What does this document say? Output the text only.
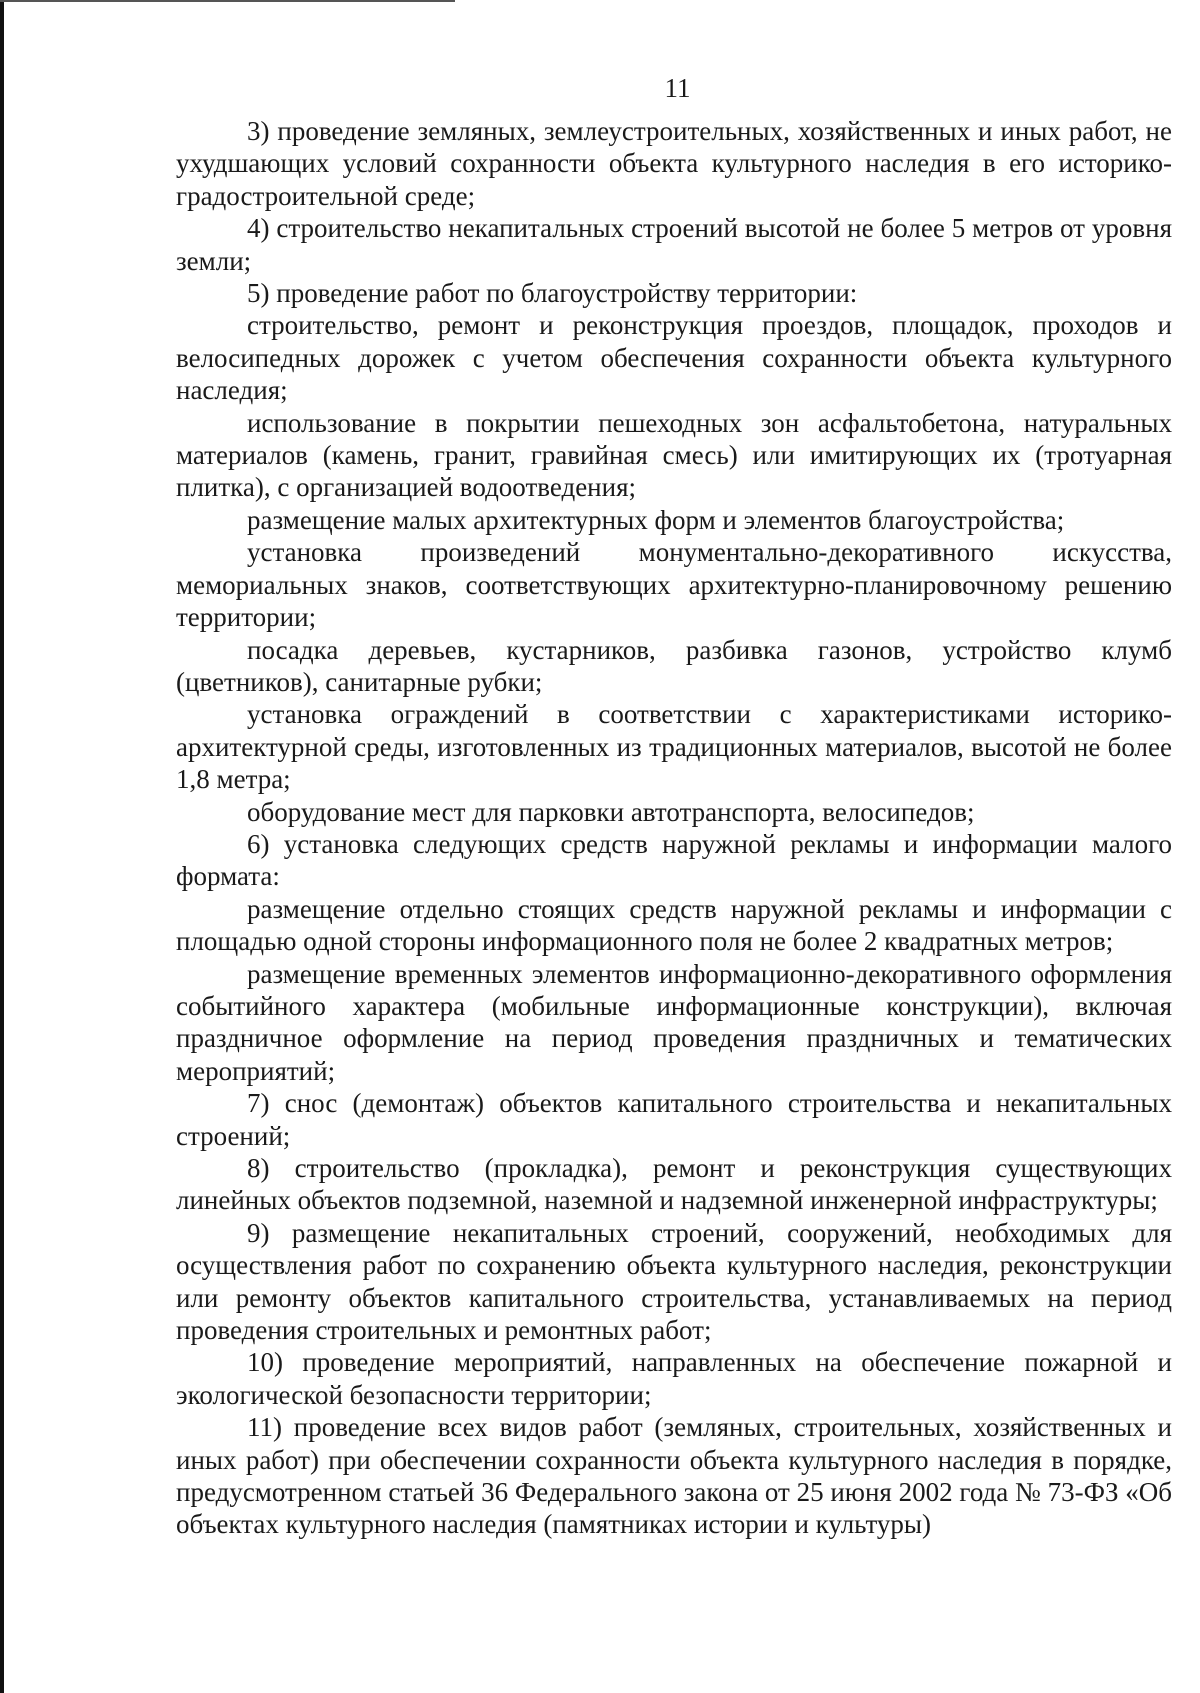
11

3) проведение земляных, землеустроительных, хозяйственных и иных работ, не ухудшающих условий сохранности объекта культурного наследия в его историко-градостроительной среде;

4) строительство некапитальных строений высотой не более 5 метров от уровня земли;

5) проведение работ по благоустройству территории:

строительство, ремонт и реконструкция проездов, площадок, проходов и велосипедных дорожек с учетом обеспечения сохранности объекта культурного наследия;

использование в покрытии пешеходных зон асфальтобетона, натуральных материалов (камень, гранит, гравийная смесь) или имитирующих их (тротуарная плитка), с организацией водоотведения;

размещение малых архитектурных форм и элементов благоустройства;

установка произведений монументально-декоративного искусства, мемориальных знаков, соответствующих архитектурно-планировочному решению территории;

посадка деревьев, кустарников, разбивка газонов, устройство клумб (цветников), санитарные рубки;

установка ограждений в соответствии с характеристиками историко-архитектурной среды, изготовленных из традиционных материалов, высотой не более 1,8 метра;

оборудование мест для парковки автотранспорта, велосипедов;

6) установка следующих средств наружной рекламы и информации малого формата:

размещение отдельно стоящих средств наружной рекламы и информации с площадью одной стороны информационного поля не более 2 квадратных метров;

размещение временных элементов информационно-декоративного оформления событийного характера (мобильные информационные конструкции), включая праздничное оформление на период проведения праздничных и тематических мероприятий;

7) снос (демонтаж) объектов капитального строительства и некапитальных строений;

8) строительство (прокладка), ремонт и реконструкция существующих линейных объектов подземной, наземной и надземной инженерной инфраструктуры;

9) размещение некапитальных строений, сооружений, необходимых для осуществления работ по сохранению объекта культурного наследия, реконструкции или ремонту объектов капитального строительства, устанавливаемых на период проведения строительных и ремонтных работ;

10) проведение мероприятий, направленных на обеспечение пожарной и экологической безопасности территории;

11) проведение всех видов работ (земляных, строительных, хозяйственных и иных работ) при обеспечении сохранности объекта культурного наследия в порядке, предусмотренном статьей 36 Федерального закона от 25 июня 2002 года № 73-ФЗ «Об объектах культурного наследия (памятниках истории и культуры)
